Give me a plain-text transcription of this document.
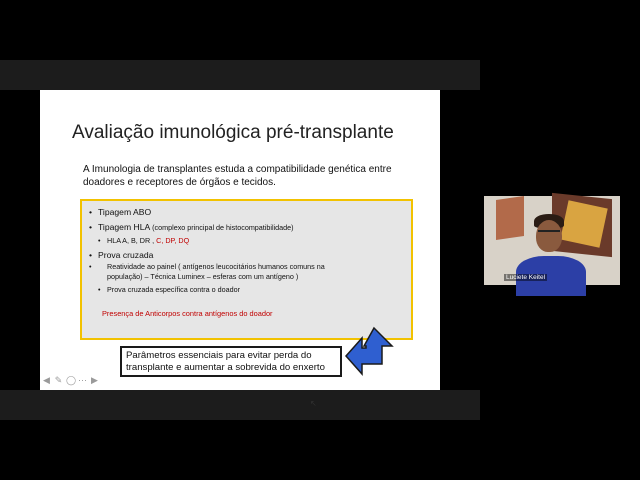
Avaliação imunológica pré-transplante
A Imunologia de transplantes estuda a compatibilidade genética entre doadores e receptores de órgãos e tecidos.
• Tipagem ABO
• Tipagem HLA (complexo principal de histocompatibilidade)
• HLA A, B, DR , C, DP, DQ
• Prova cruzada
• Reatividade ao painel ( antígenos leucocitários humanos comuns na população) – Técnica Luminex – esferas com um antígeno )
• Prova cruzada específica contra o doador
Presença de Anticorpos contra antígenos do doador
↖
Parâmetros essenciais para evitar perda do transplante e aumentar a sobrevida do enxerto
◀ ✎ ◯ ⋯ ▶
Luciete Keitel
